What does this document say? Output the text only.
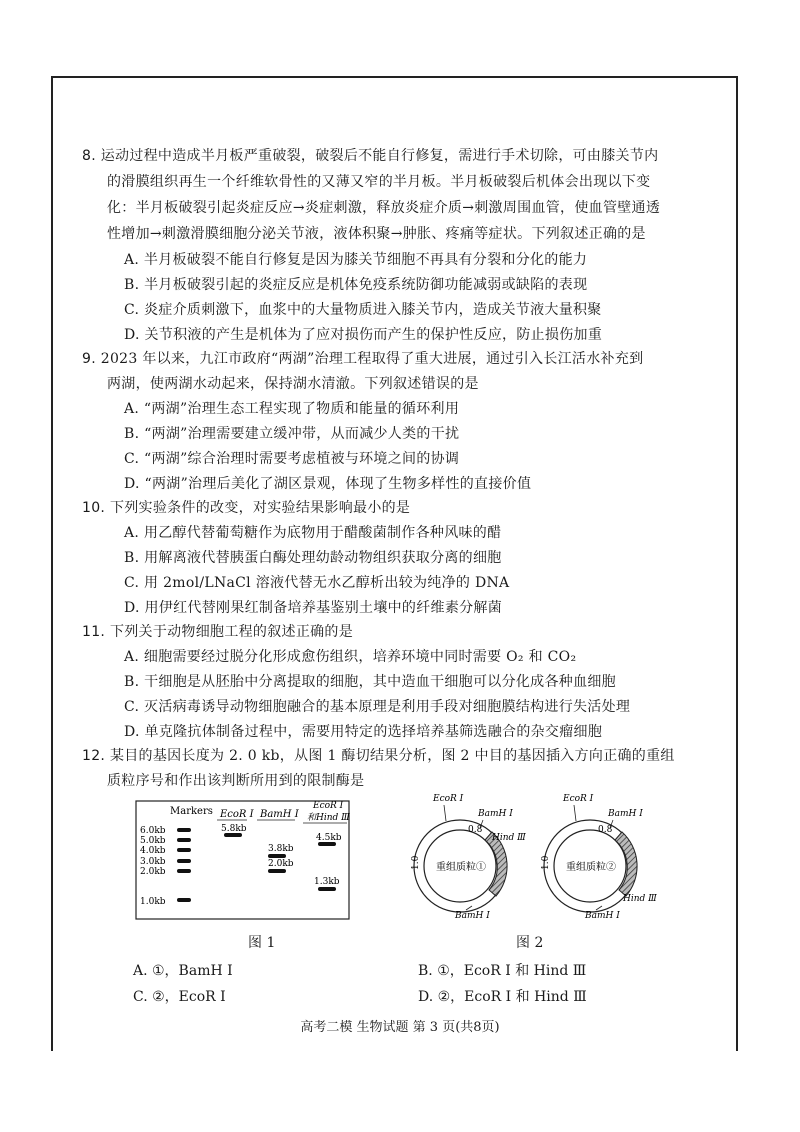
8. 运动过程中造成半月板严重破裂，破裂后不能自行修复，需进行手术切除，可由膝关节内
的滑膜组织再生一个纤维软骨性的又薄又窄的半月板。半月板破裂后机体会出现以下变
化：半月板破裂引起炎症反应→炎症刺激，释放炎症介质→刺激周围血管，使血管壁通透
性增加→刺激滑膜细胞分泌关节液，液体积聚→肿胀、疼痛等症状。下列叙述正确的是
A. 半月板破裂不能自行修复是因为膝关节细胞不再具有分裂和分化的能力
B. 半月板破裂引起的炎症反应是机体免疫系统防御功能减弱或缺陷的表现
C. 炎症介质刺激下，血浆中的大量物质进入膝关节内，造成关节液大量积聚
D. 关节积液的产生是机体为了应对损伤而产生的保护性反应，防止损伤加重
9. 2023 年以来，九江市政府“两湖”治理工程取得了重大进展，通过引入长江活水补充到
两湖，使两湖水动起来，保持湖水清澈。下列叙述错误的是
A. “两湖”治理生态工程实现了物质和能量的循环利用
B. “两湖”治理需要建立缓冲带，从而减少人类的干扰
C. “两湖”综合治理时需要考虑植被与环境之间的协调
D. “两湖”治理后美化了湖区景观，体现了生物多样性的直接价值
10. 下列实验条件的改变，对实验结果影响最小的是
A. 用乙醇代替葡萄糖作为底物用于醋酸菌制作各种风味的醋
B. 用解离液代替胰蛋白酶处理幼龄动物组织获取分离的细胞
C. 用 2mol/LNaCl 溶液代替无水乙醇析出较为纯净的 DNA
D. 用伊红代替刚果红制备培养基鉴别土壤中的纤维素分解菌
11. 下列关于动物细胞工程的叙述正确的是
A. 细胞需要经过脱分化形成愈伤组织，培养环境中同时需要 O₂ 和 CO₂
B. 干细胞是从胚胎中分离提取的细胞，其中造血干细胞可以分化成各种血细胞
C. 灭活病毒诱导动物细胞融合的基本原理是利用手段对细胞膜结构进行失活处理
D. 单克隆抗体制备过程中，需要用特定的选择培养基筛选融合的杂交瘤细胞
12. 某目的基因长度为 2. 0 kb，从图 1 酶切结果分析，图 2 中目的基因插入方向正确的重组
质粒序号和作出该判断所用到的限制酶是
Markers EcoR Ⅰ BamH Ⅰ
EcoR Ⅰ
和Hind Ⅲ
6.0kb
5.0kb
4.0kb
3.0kb
2.0kb
1.0kb
5.8kb
3.8kb
2.0kb
4.5kb
1.3kb
图 1
EcoR Ⅰ
BamH Ⅰ
Hind Ⅲ
BamH Ⅰ
0.8
1.0 重组质粒①
EcoR Ⅰ
BamH Ⅰ
Hind Ⅲ
BamH Ⅰ
0.8
1.0 重组质粒②
图 2
A. ①，BamH Ⅰ	B. ①，EcoR Ⅰ 和 Hind Ⅲ
C. ②，EcoR Ⅰ	D. ②，EcoR Ⅰ 和 Hind Ⅲ
高考二模 生物试题 第 3 页(共8页)
